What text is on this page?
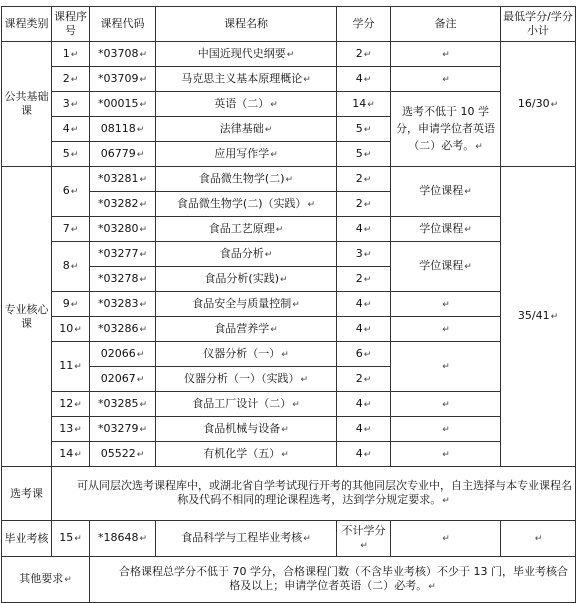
课程类别	课程序号	课程代码	课程名称	学分	备注	最低学分/学分小计
公共基础课	1↵	*03708↵	中国近现代史纲要↵	2↵	↵	16/30↵
	2↵	*03709↵	马克思主义基本原理概论↵	4↵	↵	
	3↵	*00015↵	英语（二）↵	14↵	选考不低于 10 学分，申请学位者英语（二）必考。↵	
	4↵	08118↵	法律基础↵	5↵		
	5↵	06779↵	应用写作学↵	5↵		
专业核心课	6↵	*03281↵	食品微生物学(二)↵	2↵	学位课程↵	35/41↵
		*03282↵	食品微生物学(二)（实践）↵	2↵		
	7↵	*03280↵	食品工艺原理↵	4↵	学位课程↵	
	8↵	*03277↵	食品分析↵	3↵	学位课程↵	
		*03278↵	食品分析(实践)↵	2↵		
	9↵	*03283↵	食品安全与质量控制↵	4↵	↵	
	10↵	*03286↵	食品营养学↵	4↵	↵	
	11↵	02066↵	仪器分析（一）↵	6↵	↵	
		02067↵	仪器分析（一）（实践）↵	2↵		
	12↵	*03285↵	食品工厂设计（二）↵	4↵	↵	
	13↵	*03279↵	食品机械与设备↵	4↵	↵	
	14↵	05522↵	有机化学（五）↵	4↵	↵	
选考课	可从同层次选考课程库中，或湖北省自学考试现行开考的其他同层次专业中，自主选择与本专业课程名称及代码不相同的理论课程选考，达到学分规定要求。↵					
毕业考核	15↵	*18648↵	食品科学与工程毕业考核↵	不计学分↵	↵	↵
其他要求↵		合格课程总学分不低于 70 学分，合格课程门数（不含毕业考核）不少于 13 门，毕业考核合格及以上；申请学位者英语（二）必考。↵				
